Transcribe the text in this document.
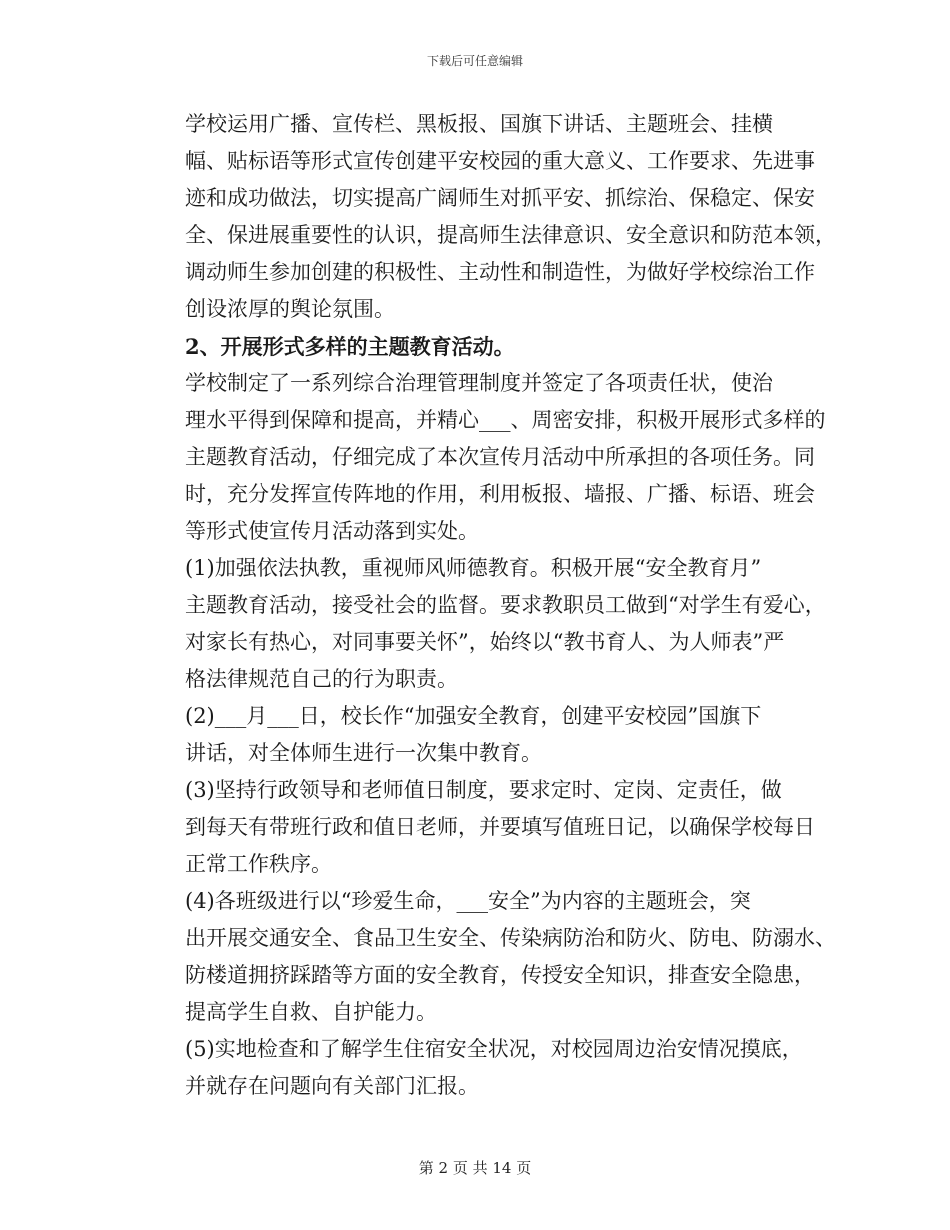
下载后可任意编辑
学校运用广播、宣传栏、黑板报、国旗下讲话、主题班会、挂横
幅、贴标语等形式宣传创建平安校园的重大意义、工作要求、先进事
迹和成功做法，切实提高广阔师生对抓平安、抓综治、保稳定、保安
全、保进展重要性的认识，提高师生法律意识、安全意识和防范本领，
调动师生参加创建的积极性、主动性和制造性，为做好学校综治工作
创设浓厚的舆论氛围。
2、开展形式多样的主题教育活动。
学校制定了一系列综合治理管理制度并签定了各项责任状，使治
理水平得到保障和提高，并精心___、周密安排，积极开展形式多样的
主题教育活动，仔细完成了本次宣传月活动中所承担的各项任务。同
时，充分发挥宣传阵地的作用，利用板报、墙报、广播、标语、班会
等形式使宣传月活动落到实处。
(1)加强依法执教，重视师风师德教育。积极开展“安全教育月”
主题教育活动，接受社会的监督。要求教职员工做到“对学生有爱心，
对家长有热心，对同事要关怀”，始终以“教书育人、为人师表”严
格法律规范自己的行为职责。
(2)___月___日，校长作“加强安全教育，创建平安校园”国旗下
讲话，对全体师生进行一次集中教育。
(3)坚持行政领导和老师值日制度，要求定时、定岗、定责任，做
到每天有带班行政和值日老师，并要填写值班日记，以确保学校每日
正常工作秩序。
(4)各班级进行以“珍爱生命，___安全”为内容的主题班会，突
出开展交通安全、食品卫生安全、传染病防治和防火、防电、防溺水、
防楼道拥挤踩踏等方面的安全教育，传授安全知识，排查安全隐患，
提高学生自救、自护能力。
(5)实地检查和了解学生住宿安全状况，对校园周边治安情况摸底，
并就存在问题向有关部门汇报。
第 2 页 共 14 页
